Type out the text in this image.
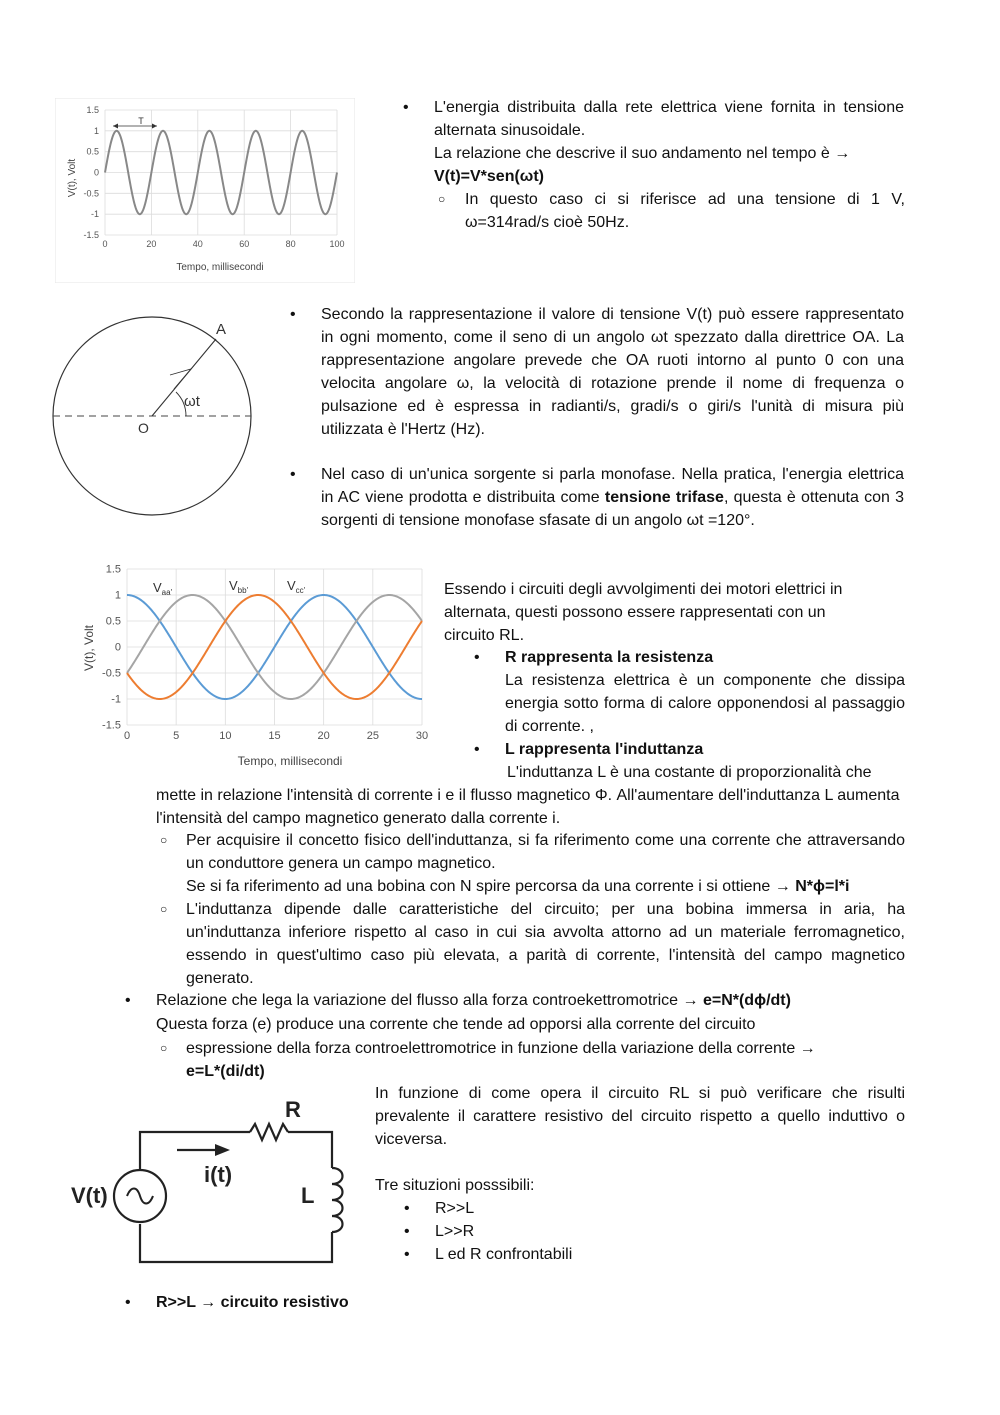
1.5
1
0.5
0
-0.5
-1
-1.5
0	20	40	60	80	100
V(t), Volt
Tempo, millisecondi
T
• L'energia distribuita dalla rete elettrica viene fornita in tensione alternata sinusoidale.
La relazione che descrive il suo andamento nel tempo è →
V(t)=V*sen(ωt)
○ In questo caso ci si riferisce ad una tensione di 1 V, ω=314rad/s cioè 50Hz.
A
O
ωt
• Secondo la rappresentazione il valore di tensione V(t) può essere rappresentato in ogni momento, come il seno di un angolo ωt spezzato dalla direttrice OA. La rappresentazione angolare prevede che OA ruoti intorno al punto 0 con una velocita angolare ω, la velocità di rotazione prende il nome di frequenza o pulsazione ed è espressa in radianti/s, gradi/s o giri/s l'unità di misura più utilizzata è l'Hertz (Hz).
• Nel caso di un'unica sorgente si parla monofase. Nella pratica, l'energia elettrica in AC viene prodotta e distribuita come tensione trifase, questa è ottenuta con 3 sorgenti di tensione monofase sfasate di un angolo ωt =120°.
1.5
1
0.5
0
-0.5
-1
-1.5
0	5	10	15	20	25	30
V(t), Volt
Tempo, millisecondi
$V_{aa'}$	$V_{bb'}$	$V_{cc'}$	Essendo i circuiti degli avvolgimenti dei motori elettrici in alternata, questi possono essere rappresentati con un circuito RL.
• R rappresenta la resistenza
La resistenza elettrica è un componente che dissipa energia sotto forma di calore opponendosi al passaggio di corrente. ,
• L rappresenta l'induttanza
L'induttanza L è una costante di proporzionalità che
mette in relazione l'intensità di corrente i e il flusso magnetico Φ. All'aumentare dell'induttanza L aumenta l'intensità del campo magnetico generato dalla corrente i.
○ Per acquisire il concetto fisico dell'induttanza, si fa riferimento come una corrente che attraversando un conduttore genera un campo magnetico.
Se si fa riferimento ad una bobina con N spire percorsa da una corrente i si ottiene → N*ϕ=l*i
○ L'induttanza dipende dalle caratteristiche del circuito; per una bobina immersa in aria, ha un'induttanza inferiore rispetto al caso in cui sia avvolta attorno ad un materiale ferromagnetico, essendo in quest'ultimo caso più elevata, a parità di corrente, l'intensità del campo magnetico generato.
• Relazione che lega la variazione del flusso alla forza controekettromotrice → e=N*(dϕ/dt)
Questa forza (e) produce una corrente che tende ad opporsi alla corrente del circuito
○ espressione della forza controelettromotrice in funzione della variazione della corrente →
e=L*(di/dt)
R
i(t)
L
V(t)
In funzione di come opera il circuito RL si può verificare che risulti prevalente il carattere resistivo del circuito rispetto a quello induttivo o viceversa.
Tre situzioni posssibili:
• R>>L
• L>>R
• L ed R confrontabili
• R>>L → circuito resistivo
